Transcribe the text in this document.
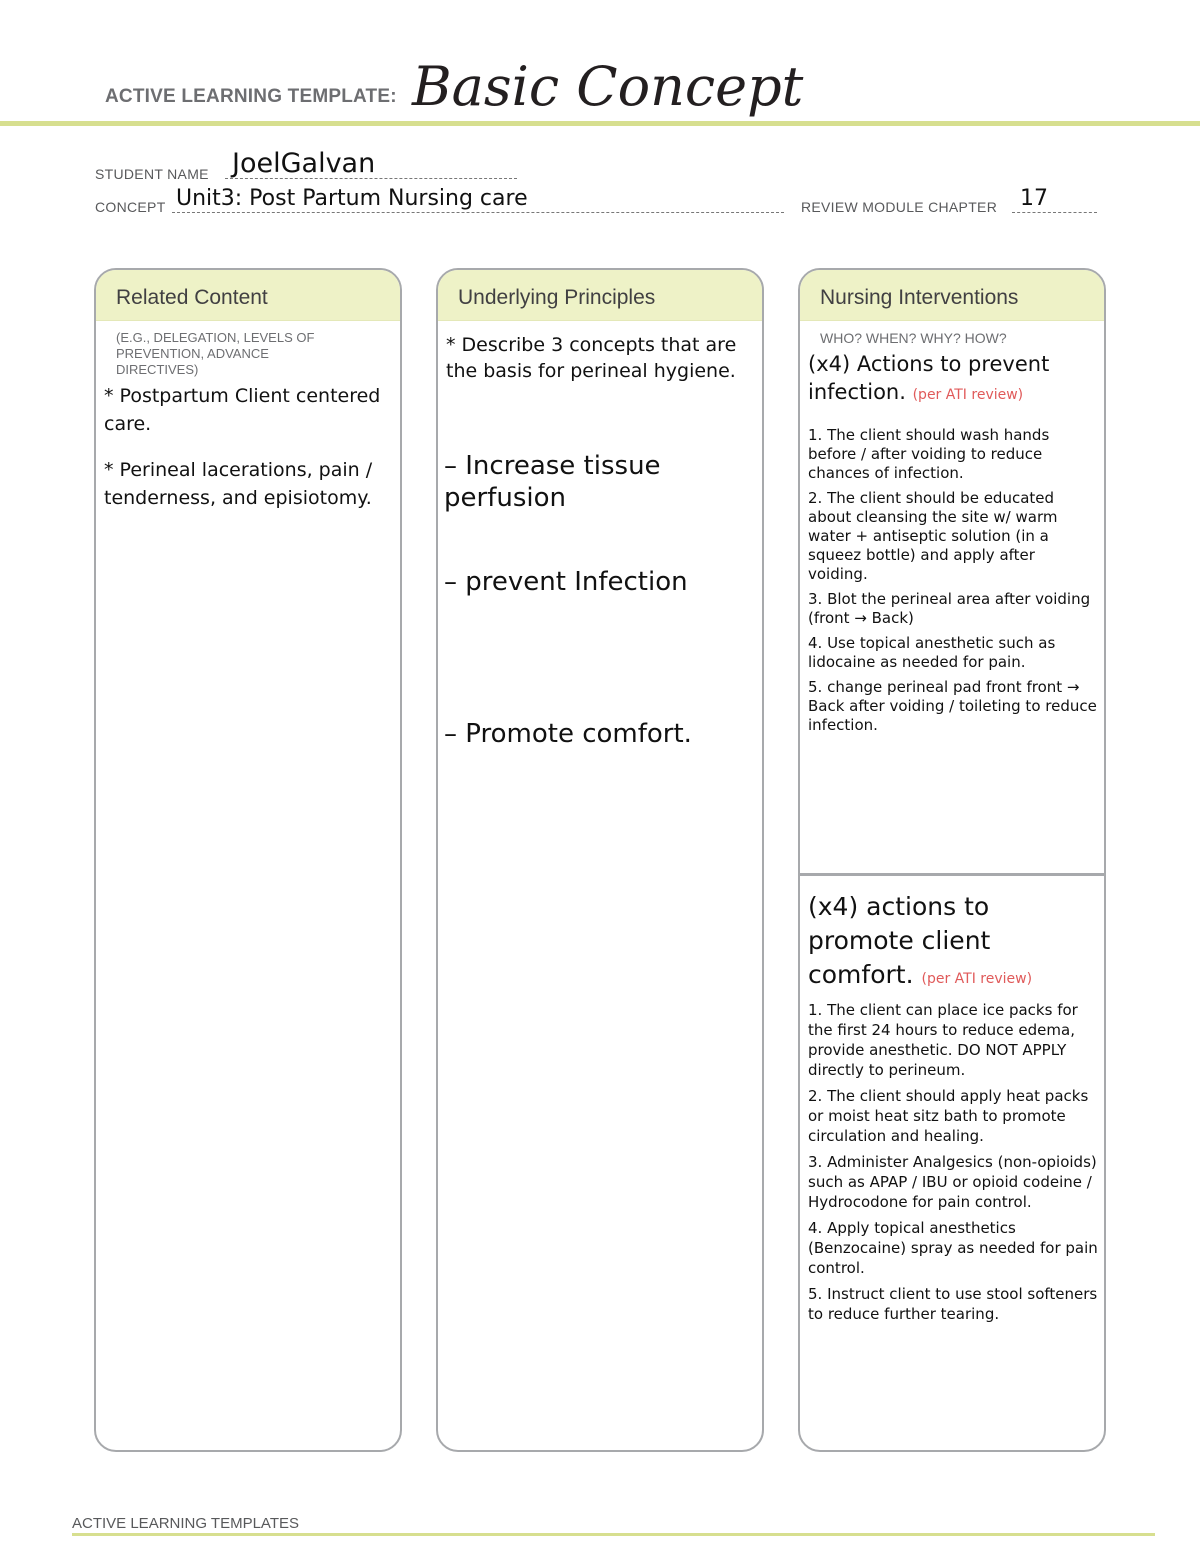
ACTIVE LEARNING TEMPLATE: Basic Concept
STUDENT NAME JoelGalvan
CONCEPT Unit3: Post Partum Nursing care	REVIEW MODULE CHAPTER 17
Related Content
(E.G., DELEGATION, LEVELS OF PREVENTION, ADVANCE DIRECTIVES)
* Postpartum Client centered care.
* Perineal lacerations, pain / tenderness, and episiotomy.
Underlying Principles
* Describe 3 concepts that are the basis for perineal hygiene.
– Increase tissue perfusion
– prevent Infection
– Promote comfort.
Nursing Interventions
WHO? WHEN? WHY? HOW?
(x4) Actions to prevent infection. (per ATI review)
1. The client should wash hands before / after voiding to reduce chances of infection.
2. The client should be educated about cleansing the site w/ warm water + antiseptic solution (in a squeez bottle) and apply after voiding.
3. Blot the perineal area after voiding (front → Back)
4. Use topical anesthetic such as lidocaine as needed for pain.
5. change perineal pad front front → Back after voiding / toileting to reduce infection.
(x4) actions to promote client comfort. (per ATI review)
1. The client can place ice packs for the first 24 hours to reduce edema, provide anesthetic. DO NOT APPLY directly to perineum.
2. The client should apply heat packs or moist heat sitz bath to promote circulation and healing.
3. Administer Analgesics (non-opioids) such as APAP / IBU or opioid codeine / Hydrocodone for pain control.
4. Apply topical anesthetics (Benzocaine) spray as needed for pain control.
5. Instruct client to use stool softeners to reduce further tearing.
ACTIVE LEARNING TEMPLATES
